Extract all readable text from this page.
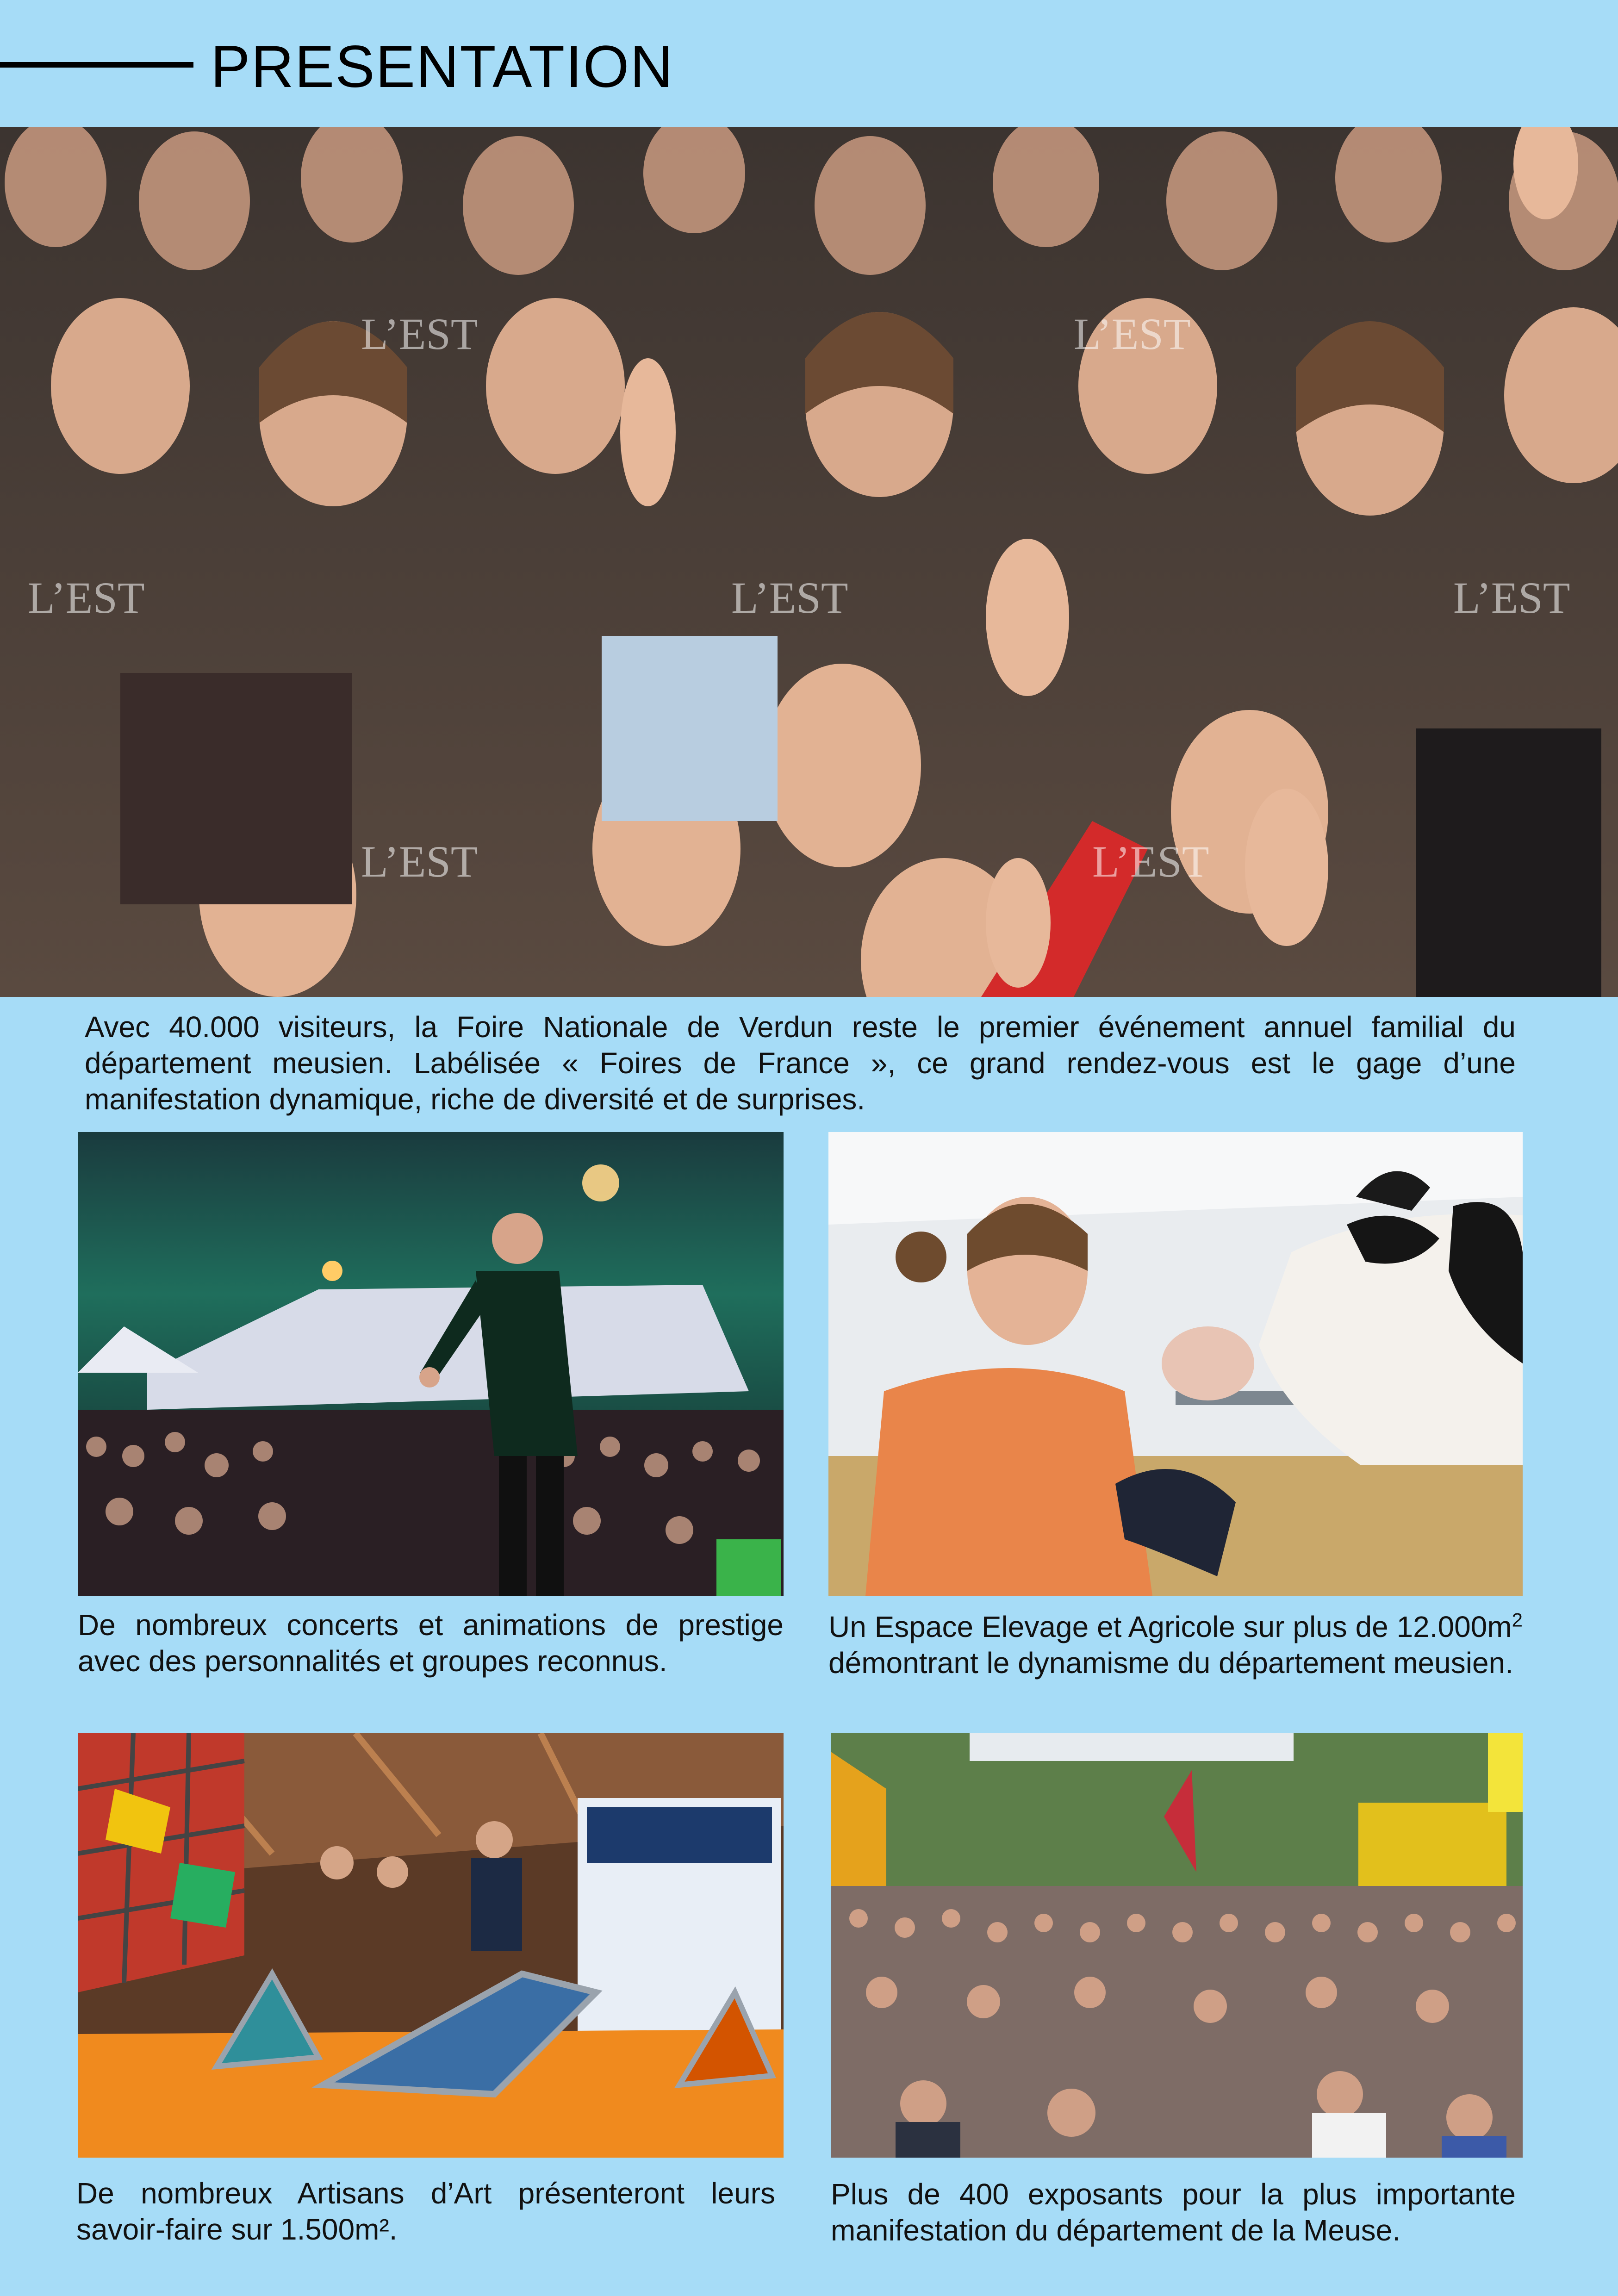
PRESENTATION
L’EST	L’EST
L’EST	L’EST	L’EST
L’EST	L’EST
Avec 40.000 visiteurs, la Foire Nationale de Verdun reste le premier événement annuel familial du département meusien. Labélisée « Foires de France », ce grand rendez-vous est le gage d’une manifestation dynamique, riche de diversité et de surprises.
De nombreux concerts et animations de prestige avec des personnalités et groupes reconnus.
Un Espace Elevage et Agricole sur plus de $12.000m^2$ démontrant le dynamisme du département meusien.
De nombreux Artisans d’Art présenteront leurs savoir-faire sur 1.500m².
Plus de 400 exposants pour la plus importante manifestation du département de la Meuse.
